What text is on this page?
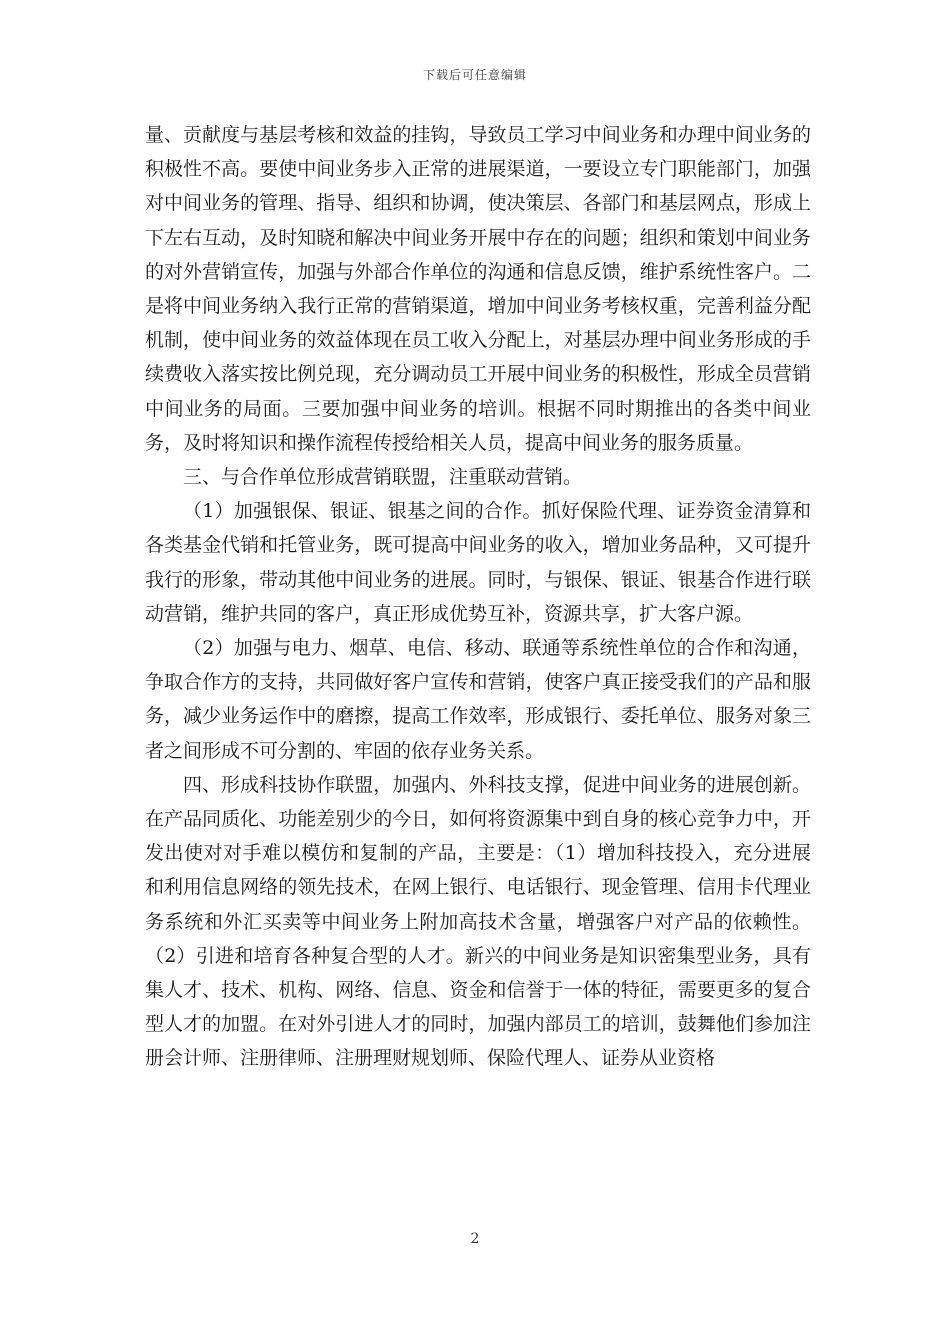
下载后可任意编辑

量、贡献度与基层考核和效益的挂钩，导致员工学习中间业务和办理中间业务的积极性不高。要使中间业务步入正常的进展渠道，一要设立专门职能部门，加强对中间业务的管理、指导、组织和协调，使决策层、各部门和基层网点，形成上下左右互动，及时知晓和解决中间业务开展中存在的问题；组织和策划中间业务的对外营销宣传，加强与外部合作单位的沟通和信息反馈，维护系统性客户。二是将中间业务纳入我行正常的营销渠道，增加中间业务考核权重，完善利益分配机制，使中间业务的效益体现在员工收入分配上，对基层办理中间业务形成的手续费收入落实按比例兑现，充分调动员工开展中间业务的积极性，形成全员营销中间业务的局面。三要加强中间业务的培训。根据不同时期推出的各类中间业务，及时将知识和操作流程传授给相关人员，提高中间业务的服务质量。

三、与合作单位形成营销联盟，注重联动营销。

（1）加强银保、银证、银基之间的合作。抓好保险代理、证券资金清算和各类基金代销和托管业务，既可提高中间业务的收入，增加业务品种，又可提升我行的形象，带动其他中间业务的进展。同时，与银保、银证、银基合作进行联动营销，维护共同的客户，真正形成优势互补，资源共享，扩大客户源。

（2）加强与电力、烟草、电信、移动、联通等系统性单位的合作和沟通，争取合作方的支持，共同做好客户宣传和营销，使客户真正接受我们的产品和服务，减少业务运作中的磨擦，提高工作效率，形成银行、委托单位、服务对象三者之间形成不可分割的、牢固的依存业务关系。

四、形成科技协作联盟，加强内、外科技支撑，促进中间业务的进展创新。在产品同质化、功能差别少的今日，如何将资源集中到自身的核心竞争力中，开发出使对对手难以模仿和复制的产品，主要是：（1）增加科技投入，充分进展和利用信息网络的领先技术，在网上银行、电话银行、现金管理、信用卡代理业务系统和外汇买卖等中间业务上附加高技术含量，增强客户对产品的依赖性。（2）引进和培育各种复合型的人才。新兴的中间业务是知识密集型业务，具有集人才、技术、机构、网络、信息、资金和信誉于一体的特征，需要更多的复合型人才的加盟。在对外引进人才的同时，加强内部员工的培训，鼓舞他们参加注册会计师、注册律师、注册理财规划师、保险代理人、证券从业资格

2
